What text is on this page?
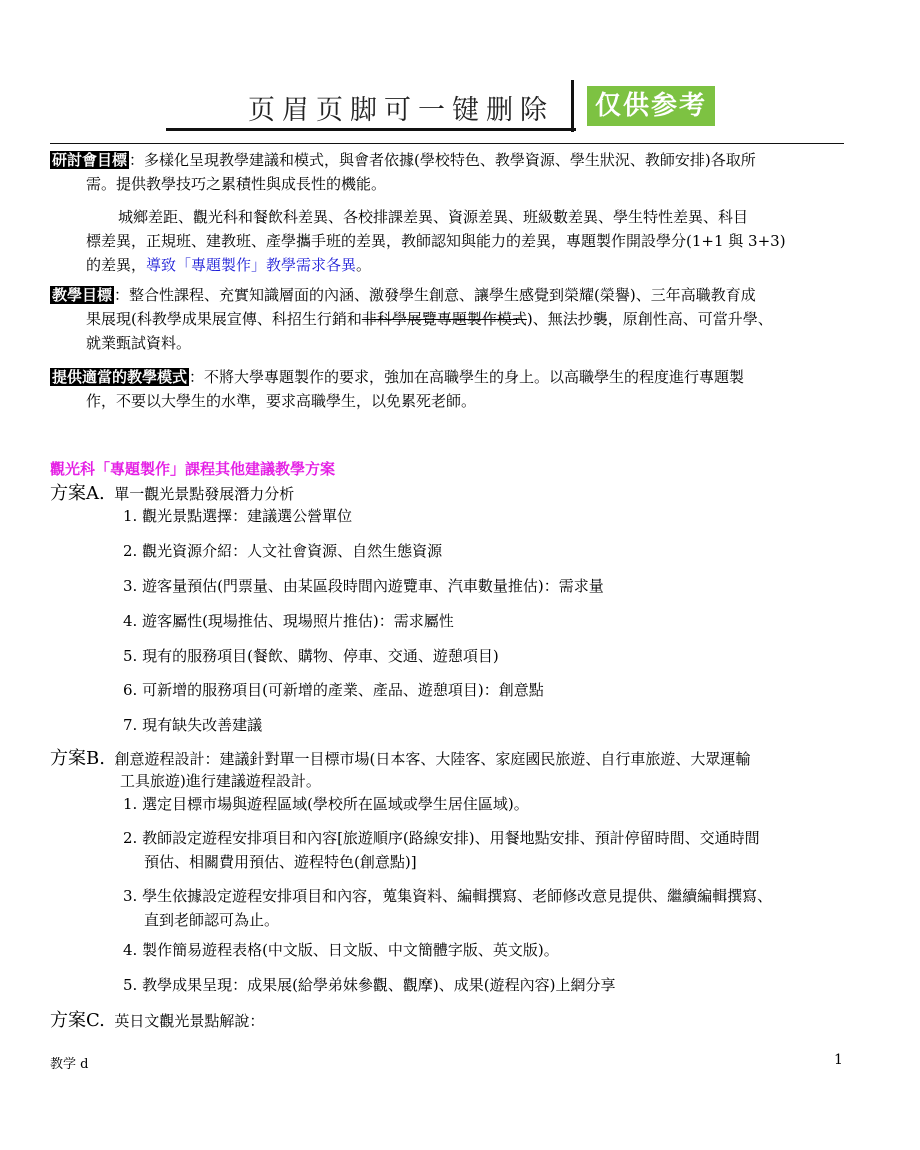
页眉页脚可一键删除	仅供参考
研討會目標 ：多樣化呈現教學建議和模式，與會者依據(學校特色、教學資源、學生狀況、教師安排)各取所
需。提供教學技巧之累積性與成長性的機能。
城鄉差距、觀光科和餐飲科差異、各校排課差異、資源差異、班級數差異、學生特性差異、科目
標差異，正規班、建教班、產學攜手班的差異，教師認知與能力的差異，專題製作開設學分(1+1 與 3+3)
的差異，導致「專題製作」教學需求各異。
教學目標 ：整合性課程、充實知識層面的內涵、激發學生創意、讓學生感覺到榮耀(榮譽)、三年高職教育成
果展現(科教學成果展宣傳、科招生行銷和非科學展覽專題製作模式)、無法抄襲，原創性高、可當升學、
就業甄試資料。
提供適當的教學模式 ：不將大學專題製作的要求，強加在高職學生的身上。以高職學生的程度進行專題製
作，不要以大學生的水準，要求高職學生，以免累死老師。
觀光科「專題製作」課程其他建議教學方案
方案A. 單一觀光景點發展潛力分析
1. 觀光景點選擇：建議選公營單位
2. 觀光資源介紹：人文社會資源、自然生態資源
3. 遊客量預估(門票量、由某區段時間內遊覽車、汽車數量推估)：需求量
4. 遊客屬性(現場推估、現場照片推估)：需求屬性
5. 現有的服務項目(餐飲、購物、停車、交通、遊憩項目)
6. 可新增的服務項目(可新增的產業、產品、遊憩項目)：創意點
7. 現有缺失改善建議
方案B. 創意遊程設計：建議針對單一目標市場(日本客、大陸客、家庭國民旅遊、自行車旅遊、大眾運輸
工具旅遊)進行建議遊程設計。
1. 選定目標市場與遊程區域(學校所在區域或學生居住區域)。
2. 教師設定遊程安排項目和內容[旅遊順序(路線安排)、用餐地點安排、預計停留時間、交通時間
預估、相關費用預估、遊程特色(創意點)]
3. 學生依據設定遊程安排項目和內容，蒐集資料、編輯撰寫、老師修改意見提供、繼續編輯撰寫、
直到老師認可為止。
4. 製作簡易遊程表格(中文版、日文版、中文簡體字版、英文版)。
5. 教學成果呈現：成果展(給學弟妹參觀、觀摩)、成果(遊程內容)上網分享
方案C. 英日文觀光景點解說：
教学 d	1
